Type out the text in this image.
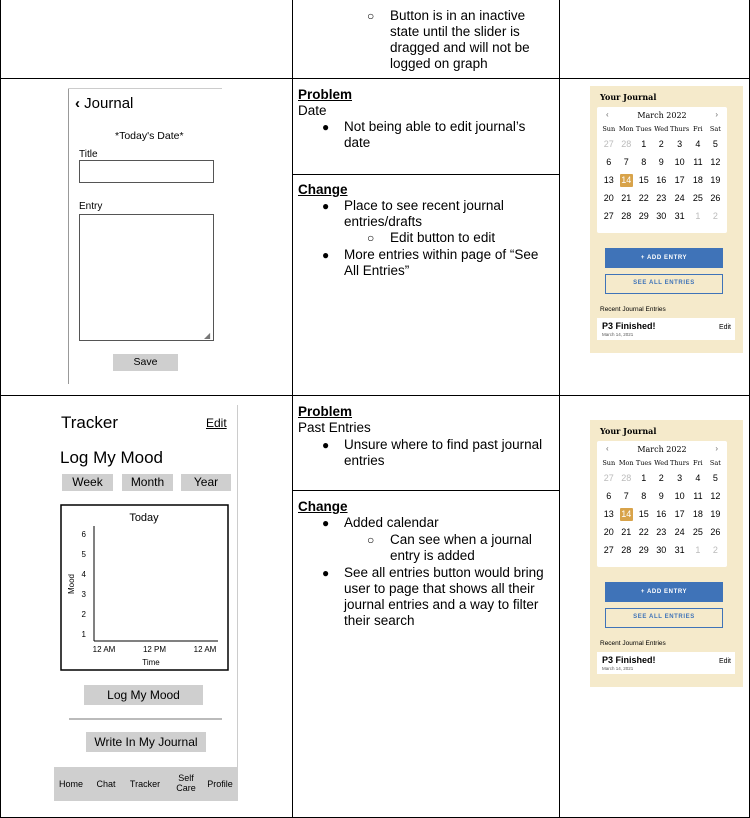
○ Button is in an inactive state until the slider is dragged and will not be logged on graph
‹ Journal
*Today's Date*
Title
Entry
◢
Save
Problem
Date
● Not being able to edit journal’s date
Change
● Place to see recent journal entries/drafts
○ Edit button to edit
● More entries within page of “See All Entries”
Your Journal
‹	March 2022	›
Sun	Mon	Tues	Wed	Thurs	Fri	Sat
27	28	1	2	3	4	5
6	7	8	9	10	11	12
13	14	15	16	17	18	19
20	21	22	23	24	25	26
27	28	29	30	31	1	2
+ ADD ENTRY
SEE ALL ENTRIES
Recent Journal Entries
P3 Finished!
March 14, 2021
Edit
Tracker	Edit
Log My Mood
Week	Month	Year
Today
1
2
3
4
5
6
12 AM	12 PM	12 AM
Time
Mood
Log My Mood
Write In My Journal
Home	Chat	Tracker
Self Care	Profile
Problem
Past Entries
● Unsure where to find past journal entries
Change
● Added calendar
○ Can see when a journal entry is added
● See all entries button would bring user to page that shows all their journal entries and a way to filter their search
Your Journal
‹	March 2022	›
Sun	Mon	Tues	Wed	Thurs	Fri	Sat
27	28	1	2	3	4	5
6	7	8	9	10	11	12
13	14	15	16	17	18	19
20	21	22	23	24	25	26
27	28	29	30	31	1	2
+ ADD ENTRY
SEE ALL ENTRIES
Recent Journal Entries
P3 Finished!
March 14, 2021
Edit
